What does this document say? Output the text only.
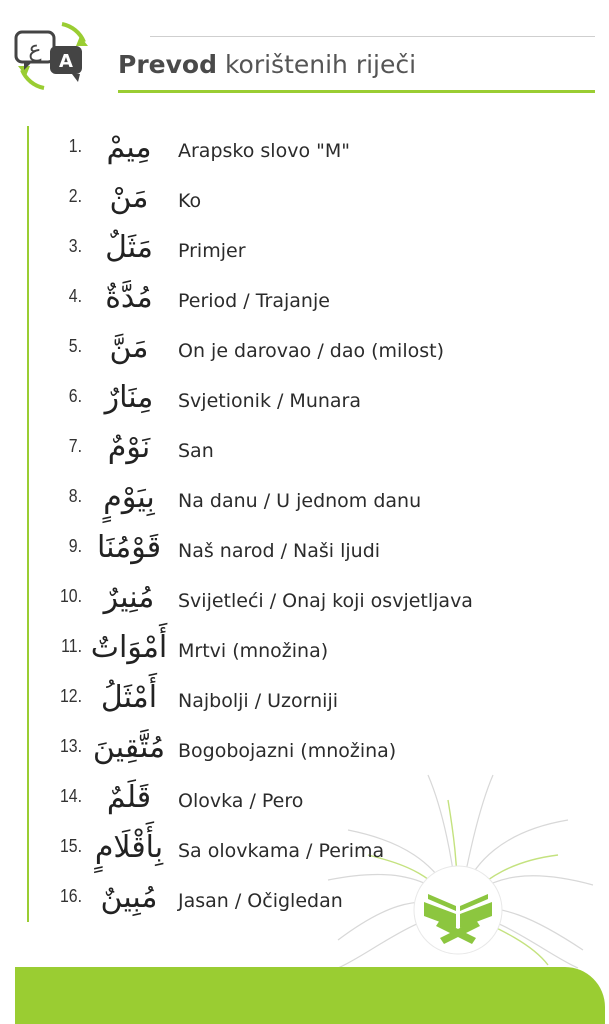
ع A Prevod korištenih riječi
1. مِيمْ	Arapsko slovo "M"
2. مَنْ	Ko
3. مَثَلٌ	Primjer
4. مُدَّةٌ	Period / Trajanje
5. مَنَّ	On je darovao / dao (milost)
6. مِنَارٌ	Svjetionik / Munara
7. نَوْمٌ	San
8. بِيَوْمٍ	Na danu / U jednom danu
9. قَوْمُنَا Naš narod / Naši ljudi
10. مُنِيرٌ	Svijetleći / Onaj koji osvjetljava
11. أَمْوَاتٌ Mrtvi (množina)
12. أَمْثَلُ	Najbolji / Uzorniji
13. مُتَّقِينَ Bogobojazni (množina)
14. قَلَمٌ	Olovka / Pero
15. بِأَقْلَامٍ Sa olovkama / Perima
16. مُبِينٌ	Jasan / Očigledan
